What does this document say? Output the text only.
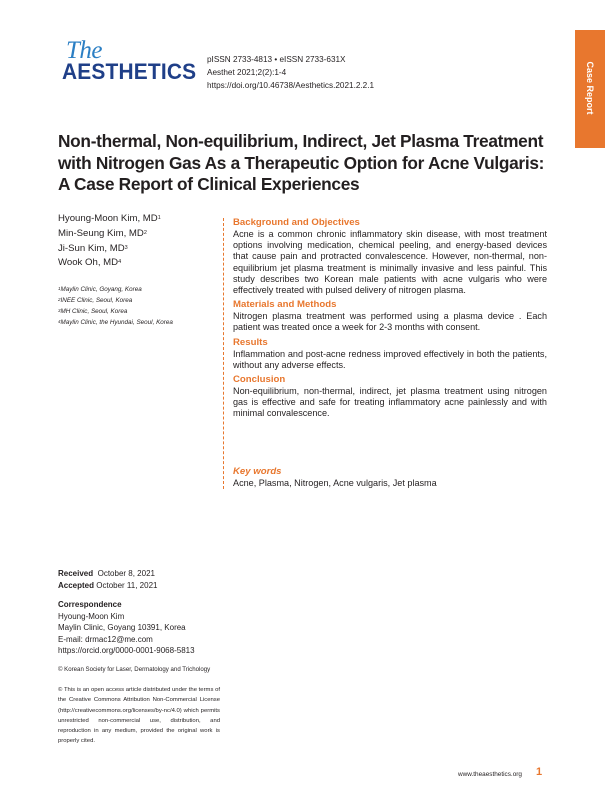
The
AESTHETICS pISSN 2733-4813 • eISSN 2733-631X
Aesthet 2021;2(2):1-4
https://doi.org/10.46738/Aesthetics.2021.2.2.1	Case Report
Non-thermal, Non-equilibrium, Indirect, Jet Plasma Treatment
with Nitrogen Gas As a Therapeutic Option for Acne Vulgaris:
A Case Report of Clinical Experiences
Hyoung-Moon Kim, $MD^1$
Min-Seung Kim, $MD^2$
Ji-Sun Kim, $MD^3$
Wook Oh, $MD^4$
$^1$Maylin Clinic, Goyang, Korea
$^2$INEE Clinic, Seoul, Korea
$^3$MH Clinic, Seoul, Korea
$^4$Maylin Clinic, the Hyundai, Seoul, Korea
Background and Objectives
Acne is a common chronic inflammatory skin disease, with most treatment options involving medication, chemical peeling, and energy-based devices that cause pain and protracted convalescence. However, non-thermal, non-equilibrium jet plasma treatment is minimally invasive and less painful. This study describes two Korean male patients with acne vulgaris who were effectively treated with pulsed delivery of nitrogen plasma.
Materials and Methods
Nitrogen plasma treatment was performed using a plasma device . Each patient was treated once a week for 2-3 months with consent.
Results
Inflammation and post-acne redness improved effectively in both the patients, without any adverse effects.
Conclusion
Non-equilibrium, non-thermal, indirect, jet plasma treatment using nitrogen gas is effective and safe for treating inflammatory acne painlessly and with minimal convalescence.
Key words
Acne, Plasma, Nitrogen, Acne vulgaris, Jet plasma
Received October 8, 2021
Accepted October 11, 2021
Correspondence
Hyoung-Moon Kim
Maylin Clinic, Goyang 10391, Korea
E-mail: drmac12@me.com
https://orcid.org/0000-0001-9068-5813
© Korean Society for Laser, Dermatology and Trichology
© This is an open access article distributed under the terms of the Creative Commons Attribution Non-Commercial License (http://creativecommons.org/licenses/by-nc/4.0) which permits unrestricted non-commercial use, distribution, and reproduction in any medium, provided the original work is properly cited.
www.theaesthetics.org 1
